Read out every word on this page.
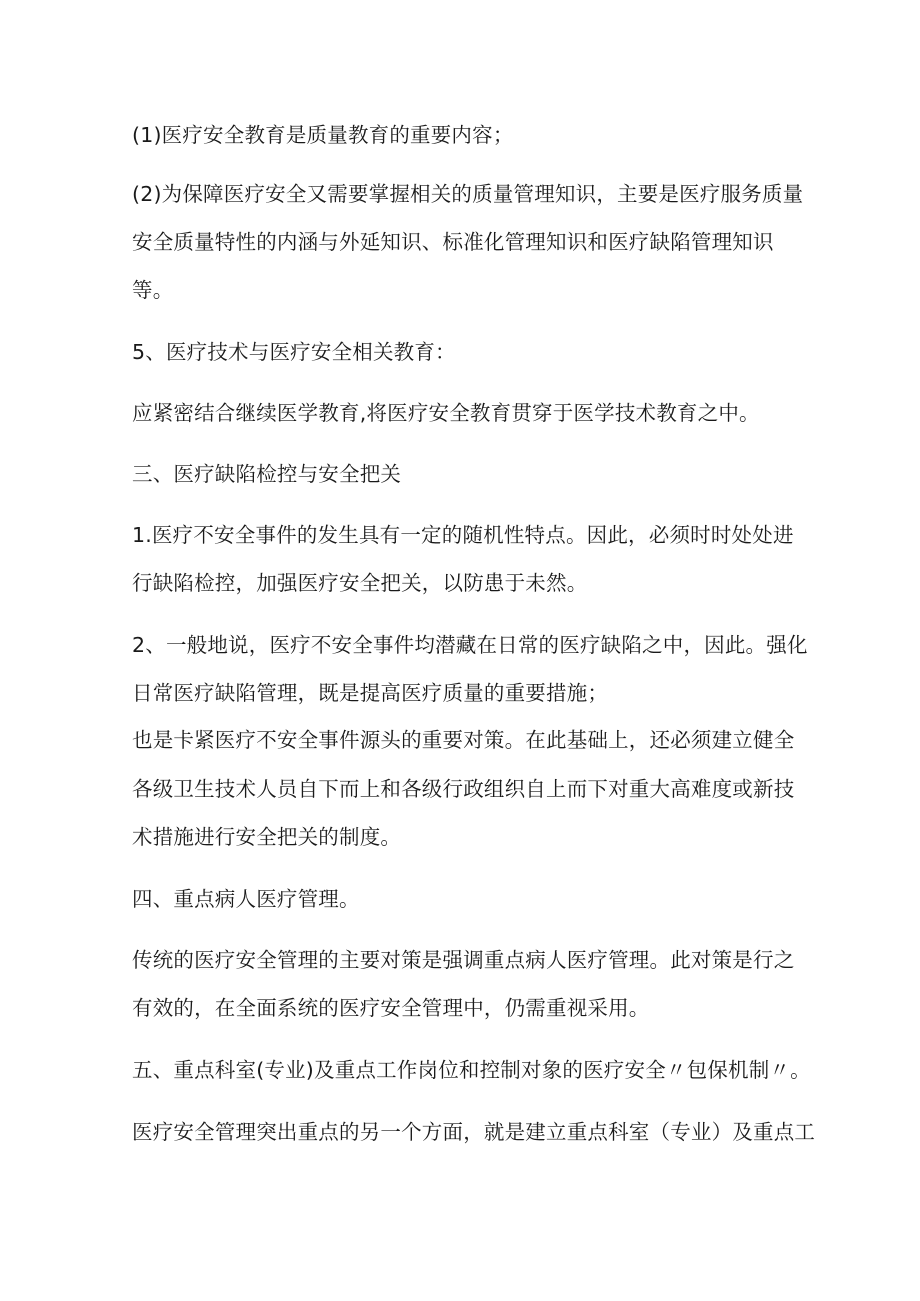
(1)医疗安全教育是质量教育的重要内容；
(2)为保障医疗安全又需要掌握相关的质量管理知识，主要是医疗服务质量
安全质量特性的内涵与外延知识、标准化管理知识和医疗缺陷管理知识
等。
5、医疗技术与医疗安全相关教育：
应紧密结合继续医学教育,将医疗安全教育贯穿于医学技术教育之中。
三、医疗缺陷检控与安全把关
1.医疗不安全事件的发生具有一定的随机性特点。因此，必须时时处处进
行缺陷检控，加强医疗安全把关，以防患于未然。
2、一般地说，医疗不安全事件均潜藏在日常的医疗缺陷之中，因此。强化
日常医疗缺陷管理，既是提高医疗质量的重要措施；
也是卡紧医疗不安全事件源头的重要对策。在此基础上，还必须建立健全
各级卫生技术人员自下而上和各级行政组织自上而下对重大高难度或新技
术措施进行安全把关的制度。
四、重点病人医疗管理。
传统的医疗安全管理的主要对策是强调重点病人医疗管理。此对策是行之
有效的，在全面系统的医疗安全管理中，仍需重视采用。
五、重点科室(专业)及重点工作岗位和控制对象的医疗安全〃包保机制〃。
医疗安全管理突出重点的另一个方面，就是建立重点科室（专业）及重点工
